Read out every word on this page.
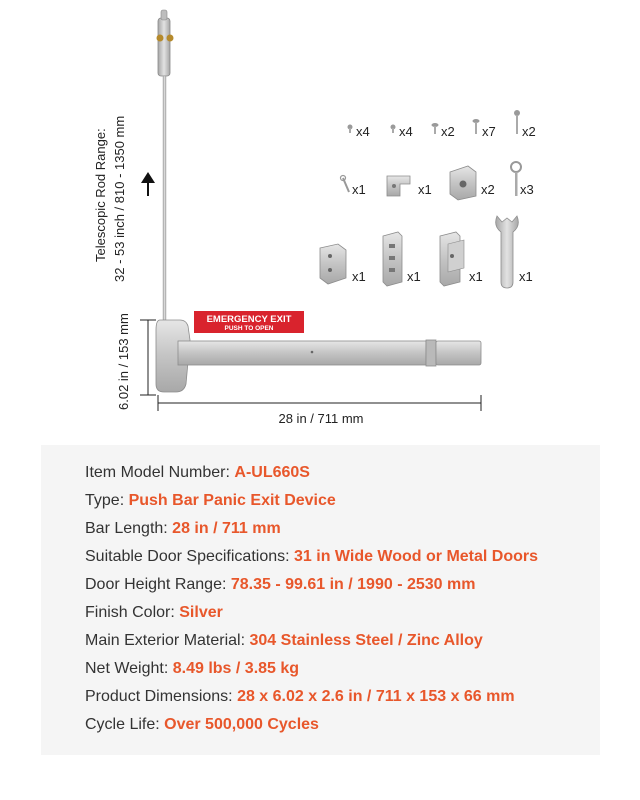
Telescopic Rod Range: 32 - 53 inch / 810 - 1350 mm
6.02 in / 153 mm	EMERGENCY EXIT
PUSH TO OPEN
28 in / 711 mm
x4 x4 x2 x7 x2
x1	x1	x2 x3
x1	x1	x1	x1
Item Model Number: A-UL660S
Type: Push Bar Panic Exit Device
Bar Length: 28 in / 711 mm
Suitable Door Specifications: 31 in Wide Wood or Metal Doors
Door Height Range: 78.35 - 99.61 in / 1990 - 2530 mm
Finish Color: Silver
Main Exterior Material: 304 Stainless Steel / Zinc Alloy
Net Weight: 8.49 lbs / 3.85 kg
Product Dimensions: 28 x 6.02 x 2.6 in / 711 x 153 x 66 mm
Cycle Life: Over 500,000 Cycles
